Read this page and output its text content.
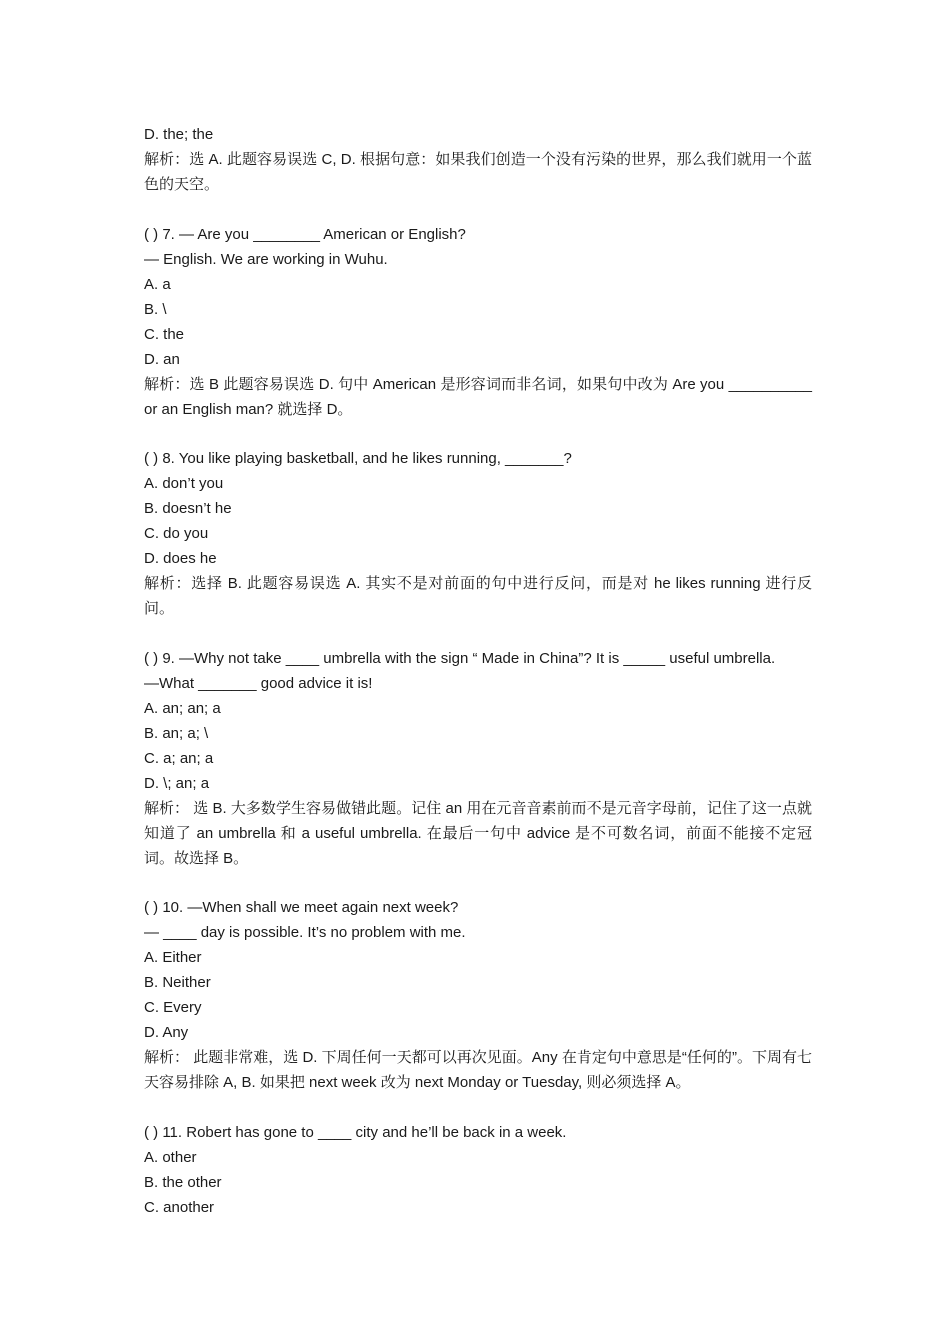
D. the; the
解析：选 A. 此题容易误选 C, D. 根据句意：如果我们创造一个没有污染的世界，那么我们就用一个蓝色的天空。
( ) 7. — Are you ________ American or English?
— English. We are working in Wuhu.
A. a
B. \
C. the
D. an
解析：选 B 此题容易误选 D. 句中 American 是形容词而非名词，如果句中改为 Are you __________ or an English man? 就选择 D。
( ) 8. You like playing basketball, and he likes running, _______?
A. don’t you
B. doesn’t he
C. do you
D. does he
解析：选择 B. 此题容易误选 A. 其实不是对前面的句中进行反问，而是对 he likes running 进行反问。
( ) 9. —Why not take ____ umbrella with the sign “ Made in China”? It is _____ useful umbrella.
—What _______ good advice it is!
A. an; an; a
B. an; a; \
C. a; an; a
D. \; an; a
解析： 选 B. 大多数学生容易做错此题。记住 an 用在元音音素前而不是元音字母前，记住了这一点就知道了 an umbrella 和 a useful umbrella. 在最后一句中 advice 是不可数名词，前面不能接不定冠词。故选择 B。
( ) 10. —When shall we meet again next week?
— ____ day is possible. It’s no problem with me.
A. Either
B. Neither
C. Every
D. Any
解析： 此题非常难，选 D. 下周任何一天都可以再次见面。Any 在肯定句中意思是“任何的”。下周有七天容易排除 A, B. 如果把 next week 改为 next Monday or Tuesday, 则必须选择 A。
( ) 11. Robert has gone to ____ city and he’ll be back in a week.
A. other
B. the other
C. another
